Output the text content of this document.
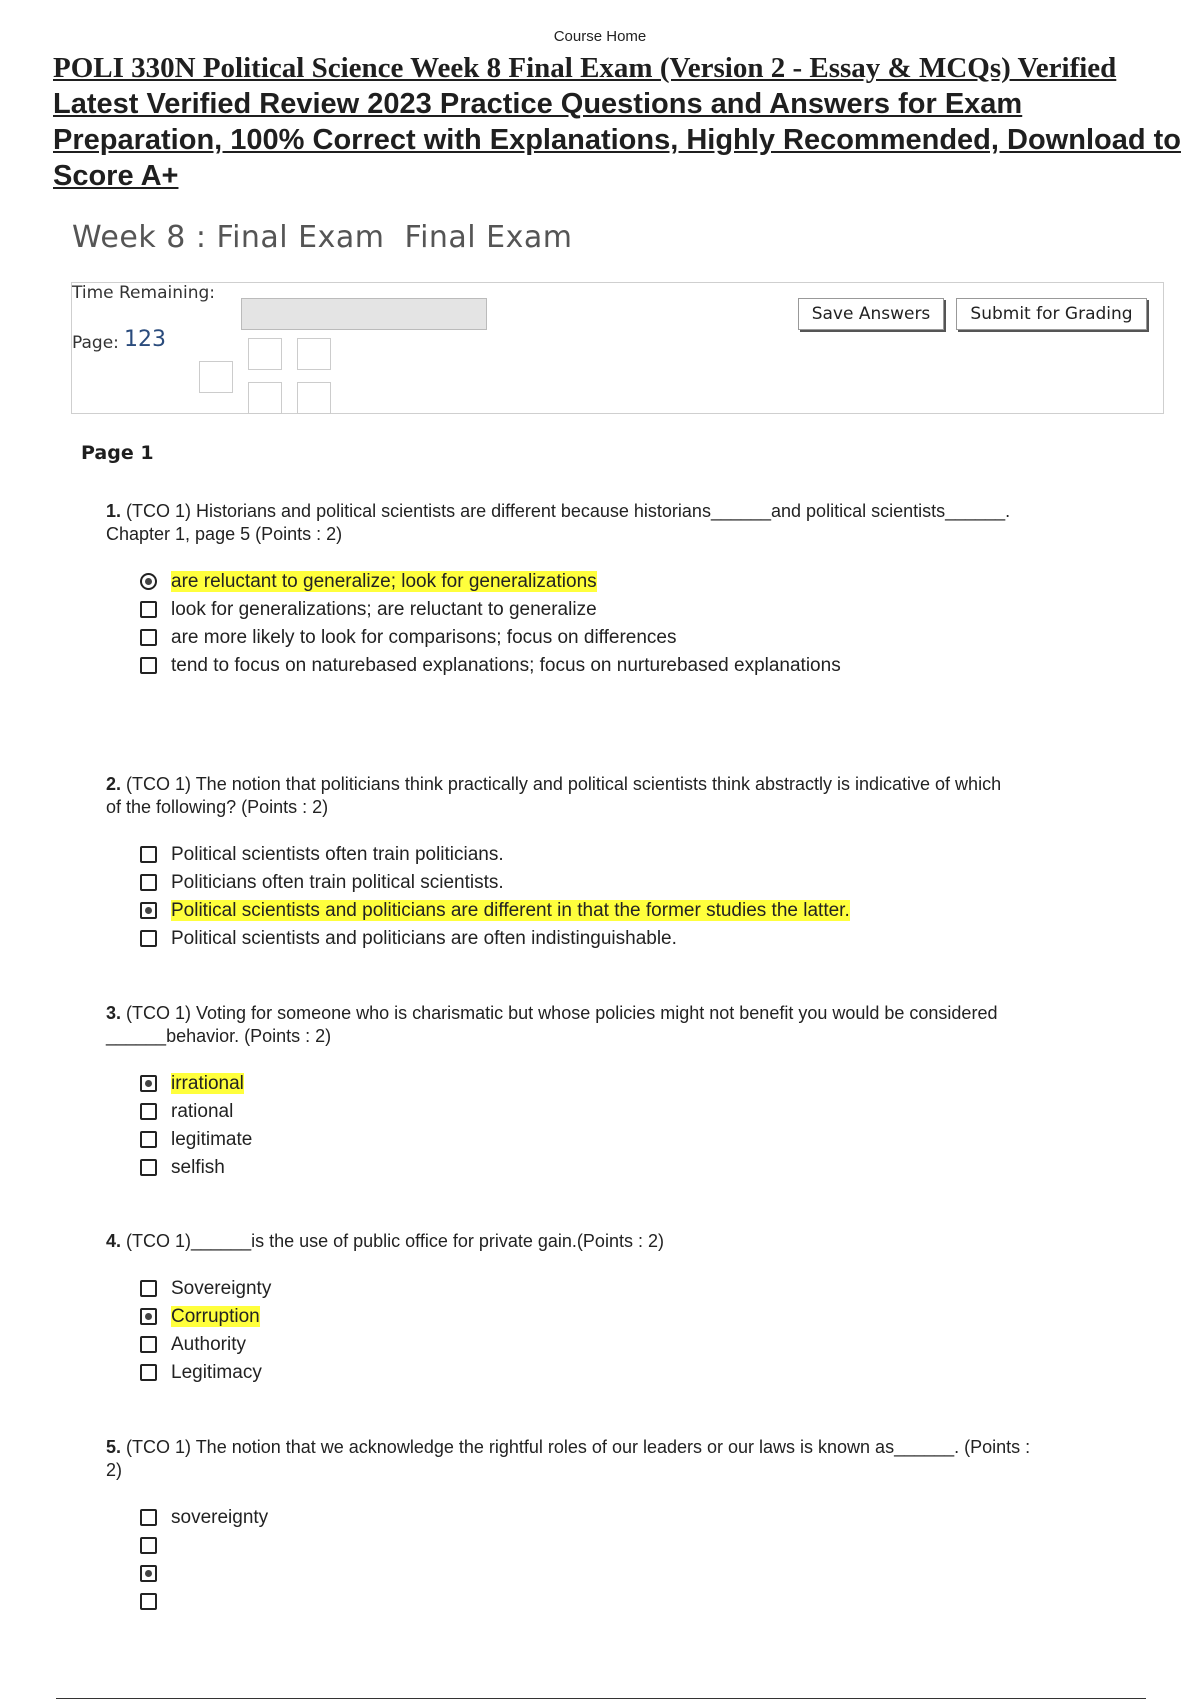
Course Home
POLI 330N Political Science Week 8 Final Exam (Version 2 - Essay & MCQs) Verified
Latest Verified Review 2023 Practice Questions and Answers for Exam
Preparation, 100% Correct with Explanations, Highly Recommended, Download to
Score A+
Week 8 : Final Exam Final Exam
Time Remaining:
Save Answers	Submit for Grading
Page: 123
Page 1
1. (TCO 1) Historians and political scientists are different because historians______and political scientists______.
Chapter 1, page 5 (Points : 2)
are reluctant to generalize; look for generalizations
look for generalizations; are reluctant to generalize
are more likely to look for comparisons; focus on differences
tend to focus on naturebased explanations; focus on nurturebased explanations
2. (TCO 1) The notion that politicians think practically and political scientists think abstractly is indicative of which
of the following? (Points : 2)
Political scientists often train politicians.
Politicians often train political scientists.
Political scientists and politicians are different in that the former studies the latter.
Political scientists and politicians are often indistinguishable.
3. (TCO 1) Voting for someone who is charismatic but whose policies might not benefit you would be considered
______behavior. (Points : 2)
irrational
rational
legitimate
selfish
4. (TCO 1)______is the use of public office for private gain.(Points : 2)
Sovereignty
Corruption
Authority
Legitimacy
5. (TCO 1) The notion that we acknowledge the rightful roles of our leaders or our laws is known as______. (Points :
2)
sovereignty
